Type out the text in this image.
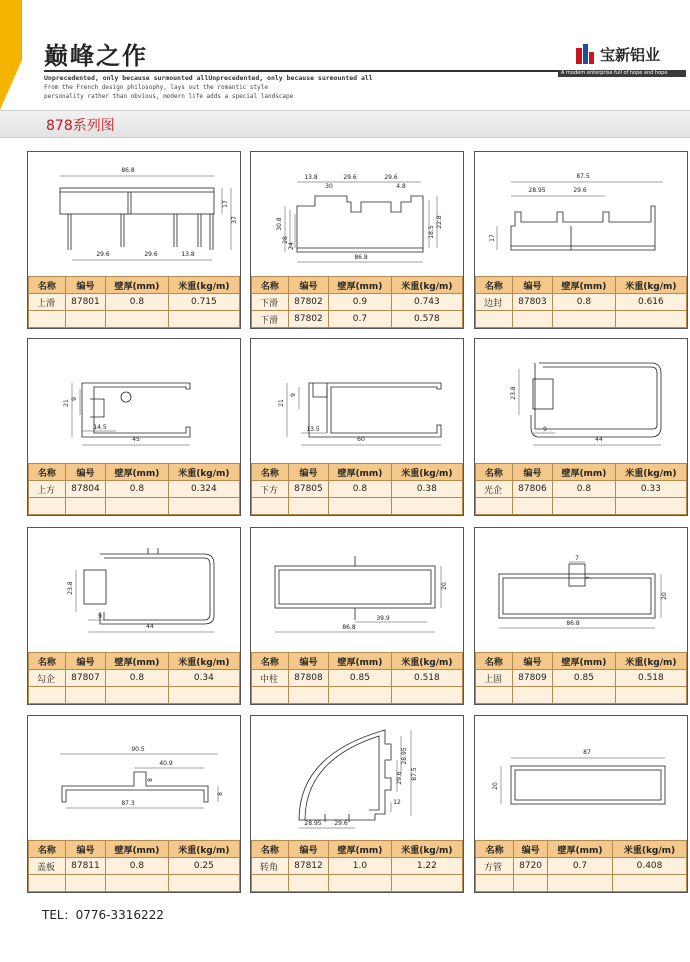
巅峰之作
Unprecedented, only because surmounted allUnprecedented, only because surmounted all
From the French design philosophy, lays out the romantic style
personality rather than obvious, modern life adds a special landscape
宝新铝业
A modern enterprise full of hope and hope
878系列图
86.8
29.6	29.6	13.8
17
37
名称	编号	壁厚(mm)	米重(kg/m)
上滑	87801	0.8	0.715

13.8	29.6	29.6
30	4.8
86.8
30.8
28
24
18.5
22.8
名称	编号	壁厚(mm)	米重(kg/m)
下滑	87802	0.9	0.743
下滑	87802	0.7	0.578
87.5
28.95	29.6
17
名称	编号	壁厚(mm)	米重(kg/m)
边封	87803	0.8	0.616

21
9
14.5
45
名称	编号	壁厚(mm)	米重(kg/m)
上方	87804	0.8	0.324

21
9
13.5
60
名称	编号	壁厚(mm)	米重(kg/m)
下方	87805	0.8	0.38

23.8
9
44
名称	编号	壁厚(mm)	米重(kg/m)
光企	87806	0.8	0.33

23.8
9
44
名称	编号	壁厚(mm)	米重(kg/m)
勾企	87807	0.8	0.34

39.9
86.8
20
名称	编号	壁厚(mm)	米重(kg/m)
中柱	87808	0.85	0.518

7
7
86.8
20
名称	编号	壁厚(mm)	米重(kg/m)
上固	87809	0.85	0.518

90.5
40.9
8
8
87.3
名称	编号	壁厚(mm)	米重(kg/m)
盖板	87811	0.8	0.25

28.95
87.5
29.6
12
28.95 29.6
名称	编号	壁厚(mm)	米重(kg/m)
转角	87812	1.0	1.22

87
20
名称	编号	壁厚(mm)	米重(kg/m)
方管	8720	0.7	0.408

TEL：0776-3316222
